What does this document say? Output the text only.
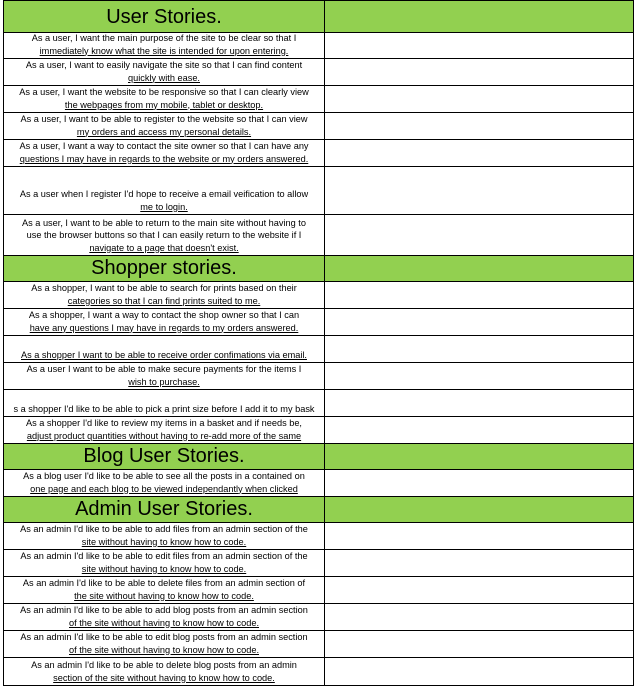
User Stories.
As a user, I want the main purpose of the site to be clear so that I
immediately know what the site is intended for upon entering.
As a user, I want to easily navigate the site so that I can find content
quickly with ease.
As a user, I want the website to be responsive so that I can clearly view
the webpages from my mobile, tablet or desktop.
As a user, I want to be able to register to the website so that I can view
my orders and access my personal details.
As a user, I want a way to contact the site owner so that I can have any
questions I may have in regards to the website or my orders answered.
As a user when I register I'd hope to receive a email veification to allow
me to login.
As a user, I want to be able to return to the main site without having to
use the browser buttons so that I can easily return to the website if I
navigate to a page that doesn't exist.
Shopper stories.
As a shopper, I want to be able to search for prints based on their
categories so that I can find prints suited to me.
As a shopper, I want a way to contact the shop owner so that I can
have any questions I may have in regards to my orders answered.
As a shopper I want to be able to receive order confimations via email.
As a user I want to be able to make secure payments for the items I
wish to purchase.
s a shopper I'd like to be able to pick a print size before I add it to my bask
As a shopper I'd like to review my items in a basket and if needs be,
adjust product quantities without having to re-add more of the same
Blog User Stories.
As a blog user I'd like to be able to see all the posts in a contained on
one page and each blog to be viewed independantly when clicked
Admin User Stories.
As an admin I'd like to be able to add files from an admin section of the
site without having to know how to code.
As an admin I'd like to be able to edit files from an admin section of the
site without having to know how to code.
As an admin I'd like to be able to delete files from an admin section of
the site without having to know how to code.
As an admin I'd like to be able to add blog posts from an admin section
of the site without having to know how to code.
As an admin I'd like to be able to edit blog posts from an admin section
of the site without having to know how to code.
As an admin I'd like to be able to delete blog posts from an admin
section of the site without having to know how to code.
